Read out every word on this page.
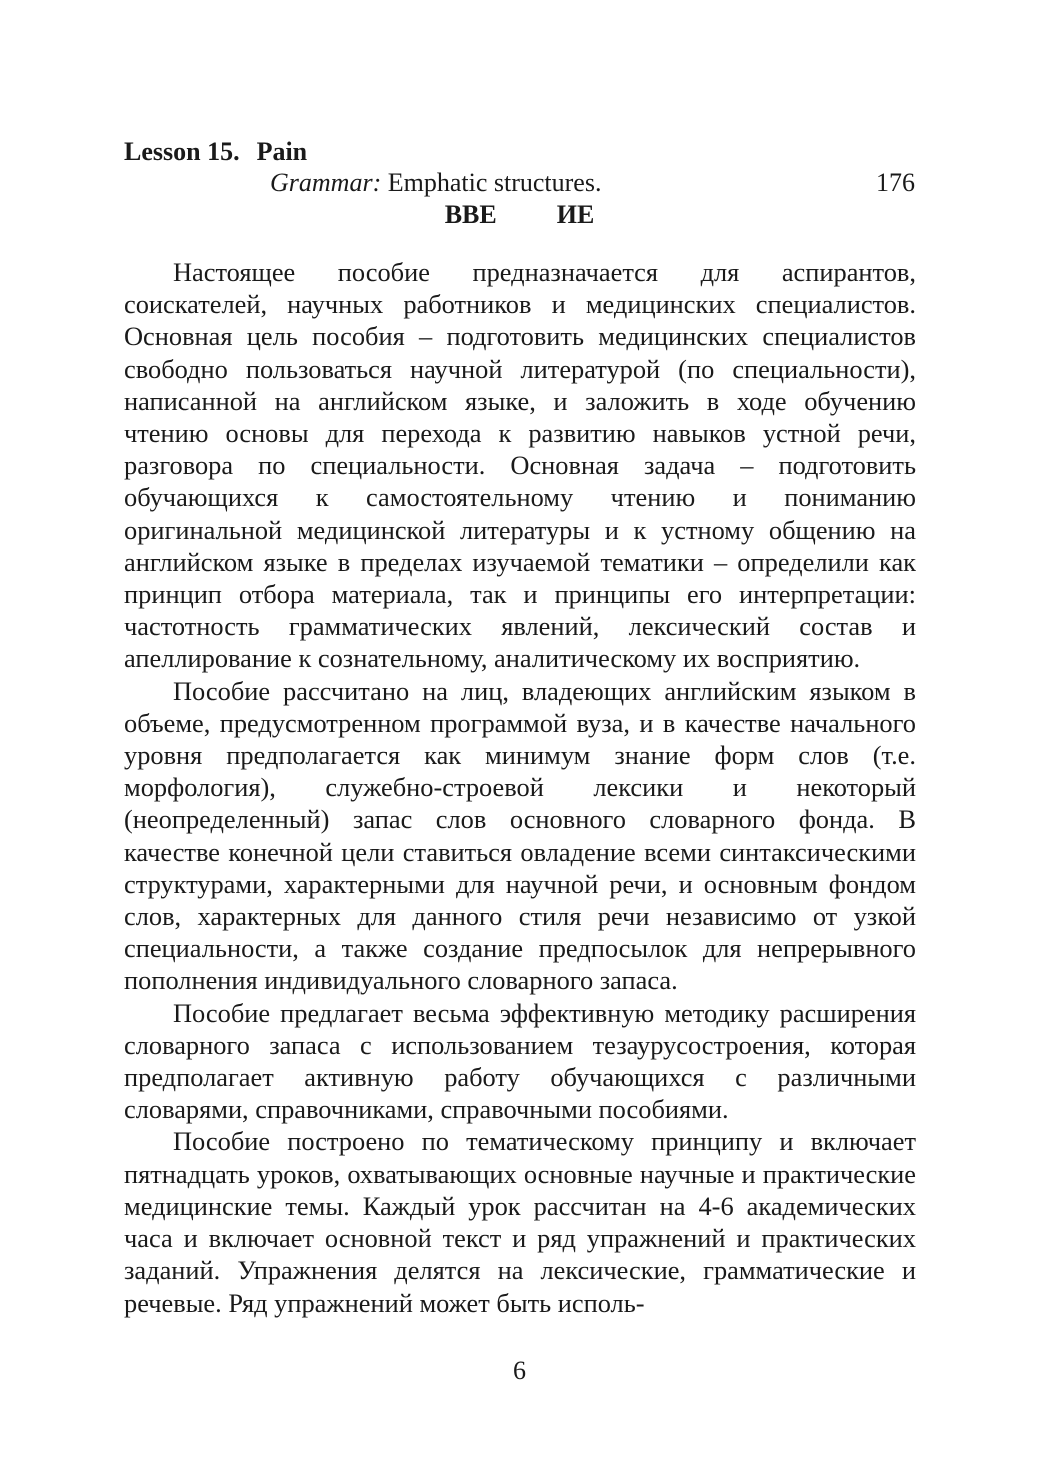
Lesson 15. Pain
Grammar: Emphatic structures.	176
ВВЕ ИЕ

Настоящее пособие предназначается для аспирантов, соискателей, научных работников и медицинских специалистов. Основная цель пособия – подготовить медицинских специалистов свободно пользоваться научной литературой (по специальности), написанной на английском языке, и заложить в ходе обучению чтению основы для перехода к развитию навыков устной речи, разговора по специальности. Основная задача – подготовить обучающихся к самостоятельному чтению и пониманию оригинальной медицинской литературы и к устному общению на английском языке в пределах изучаемой тематики – определили как принцип отбора материала, так и принципы его интерпретации: частотность грамматических явлений, лексический состав и апеллирование к сознательному, аналитическому их восприятию.

Пособие рассчитано на лиц, владеющих английским языком в объеме, предусмотренном программой вуза, и в качестве начального уровня предполагается как минимум знание форм слов (т.е. морфология), служебно-строевой лексики и некоторый (неопределенный) запас слов основного словарного фонда. В качестве конечной цели ставиться овладение всеми синтаксическими структурами, характерными для научной речи, и основным фондом слов, характерных для данного стиля речи независимо от узкой специальности, а также создание предпосылок для непрерывного пополнения индивидуального словарного запаса.

Пособие предлагает весьма эффективную методику расширения словарного запаса с использованием тезаурусостроения, которая предполагает активную работу обучающихся с различными словарями, справочниками, справочными пособиями.

Пособие построено по тематическому принципу и включает пятнадцать уроков, охватывающих основные научные и практические медицинские темы. Каждый урок рассчитан на 4-6 академических часа и включает основной текст и ряд упражнений и практических заданий. Упражнения делятся на лексические, грамматические и речевые. Ряд упражнений может быть исполь-

6
